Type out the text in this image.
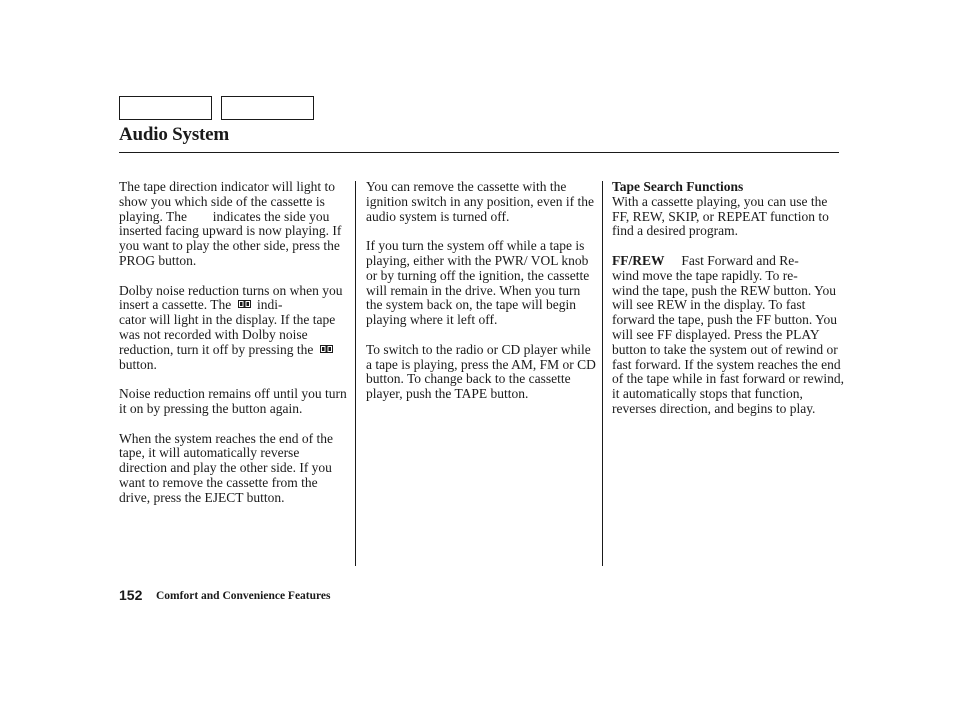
Audio System

The tape direction indicator will light to show you which side of the cassette is playing. The  indicates the side you inserted facing upward is now playing. If you want to play the other side, press the PROG button.

Dolby noise reduction turns on when you insert a cassette. The  indi-
cator will light in the display. If the tape was not recorded with Dolby noise reduction, turn it off by pressing the  button.

Noise reduction remains off until you turn it on by pressing the button again.

When the system reaches the end of the tape, it will automatically reverse direction and play the other side. If you want to remove the cassette from the drive, press the EJECT button.

You can remove the cassette with the ignition switch in any position, even if the audio system is turned off.

If you turn the system off while a tape is playing, either with the PWR/ VOL knob or by turning off the ignition, the cassette will remain in the drive. When you turn the system back on, the tape will begin playing where it left off.

To switch to the radio or CD player while a tape is playing, press the AM, FM or CD button. To change back to the cassette player, push the TAPE button.

Tape Search Functions
With a cassette playing, you can use the FF, REW, SKIP, or REPEAT function to find a desired program.

FF/REW Fast Forward and Re-
wind move the tape rapidly. To re-
wind the tape, push the REW button. You will see REW in the display. To fast forward the tape, push the FF button. You will see FF displayed. Press the PLAY button to take the system out of rewind or fast forward. If the system reaches the end of the tape while in fast forward or rewind, it automatically stops that function, reverses direction, and begins to play.

152 Comfort and Convenience Features
